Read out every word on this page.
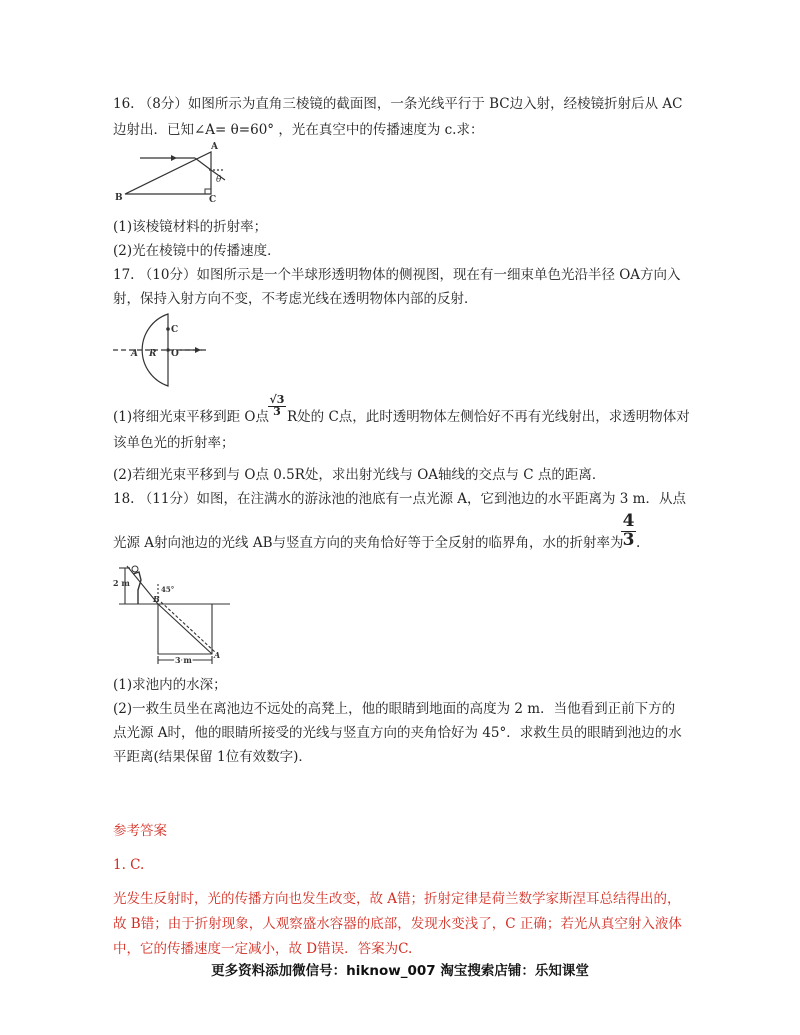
16. （8分）如图所示为直角三棱镜的截面图，一条光线平行于 BC边入射，经棱镜折射后从 AC
边射出．已知∠A= θ=60° ，光在真空中的传播速度为 c.求：
A
B	C
θ
(1)该棱镜材料的折射率；
(2)光在棱镜中的传播速度．
17. （10分）如图所示是一个半球形透明物体的侧视图，现在有一细束单色光沿半径 OA方向入
射，保持入射方向不变，不考虑光线在透明物体内部的反射．
A R O
C
(1)将细光束平移到距 O点 $\frac{√3}{3}$ R处的 C点，此时透明物体左侧恰好不再有光线射出，求透明物体对
该单色光的折射率；
(2)若细光束平移到与 O点 0.5R处，求出射光线与 OA轴线的交点与 C 点的距离．
18. （11分）如图，在注满水的游泳池的池底有一点光源 A，它到池边的水平距离为 3 m．从点
光源 A射向池边的光线 AB与竖直方向的夹角恰好等于全反射的临界角，水的折射率为
$\frac{4}{3}$ .
2 m
45°
B
A
3 m
(1)求池内的水深；
(2)一救生员坐在离池边不远处的高凳上，他的眼睛到地面的高度为 2 m．当他看到正前下方的
点光源 A时，他的眼睛所接受的光线与竖直方向的夹角恰好为 45°．求救生员的眼睛到池边的水
平距离(结果保留 1位有效数字)．
参考答案
1. C.
光发生反射时，光的传播方向也发生改变，故 A错；折射定律是荷兰数学家斯涅耳总结得出的，
故 B错；由于折射现象，人观察盛水容器的底部，发现水变浅了，C 正确；若光从真空射入液体
中，它的传播速度一定减小，故 D错误．答案为C.
更多资料添加微信号：hiknow_007 淘宝搜索店铺：乐知课堂
